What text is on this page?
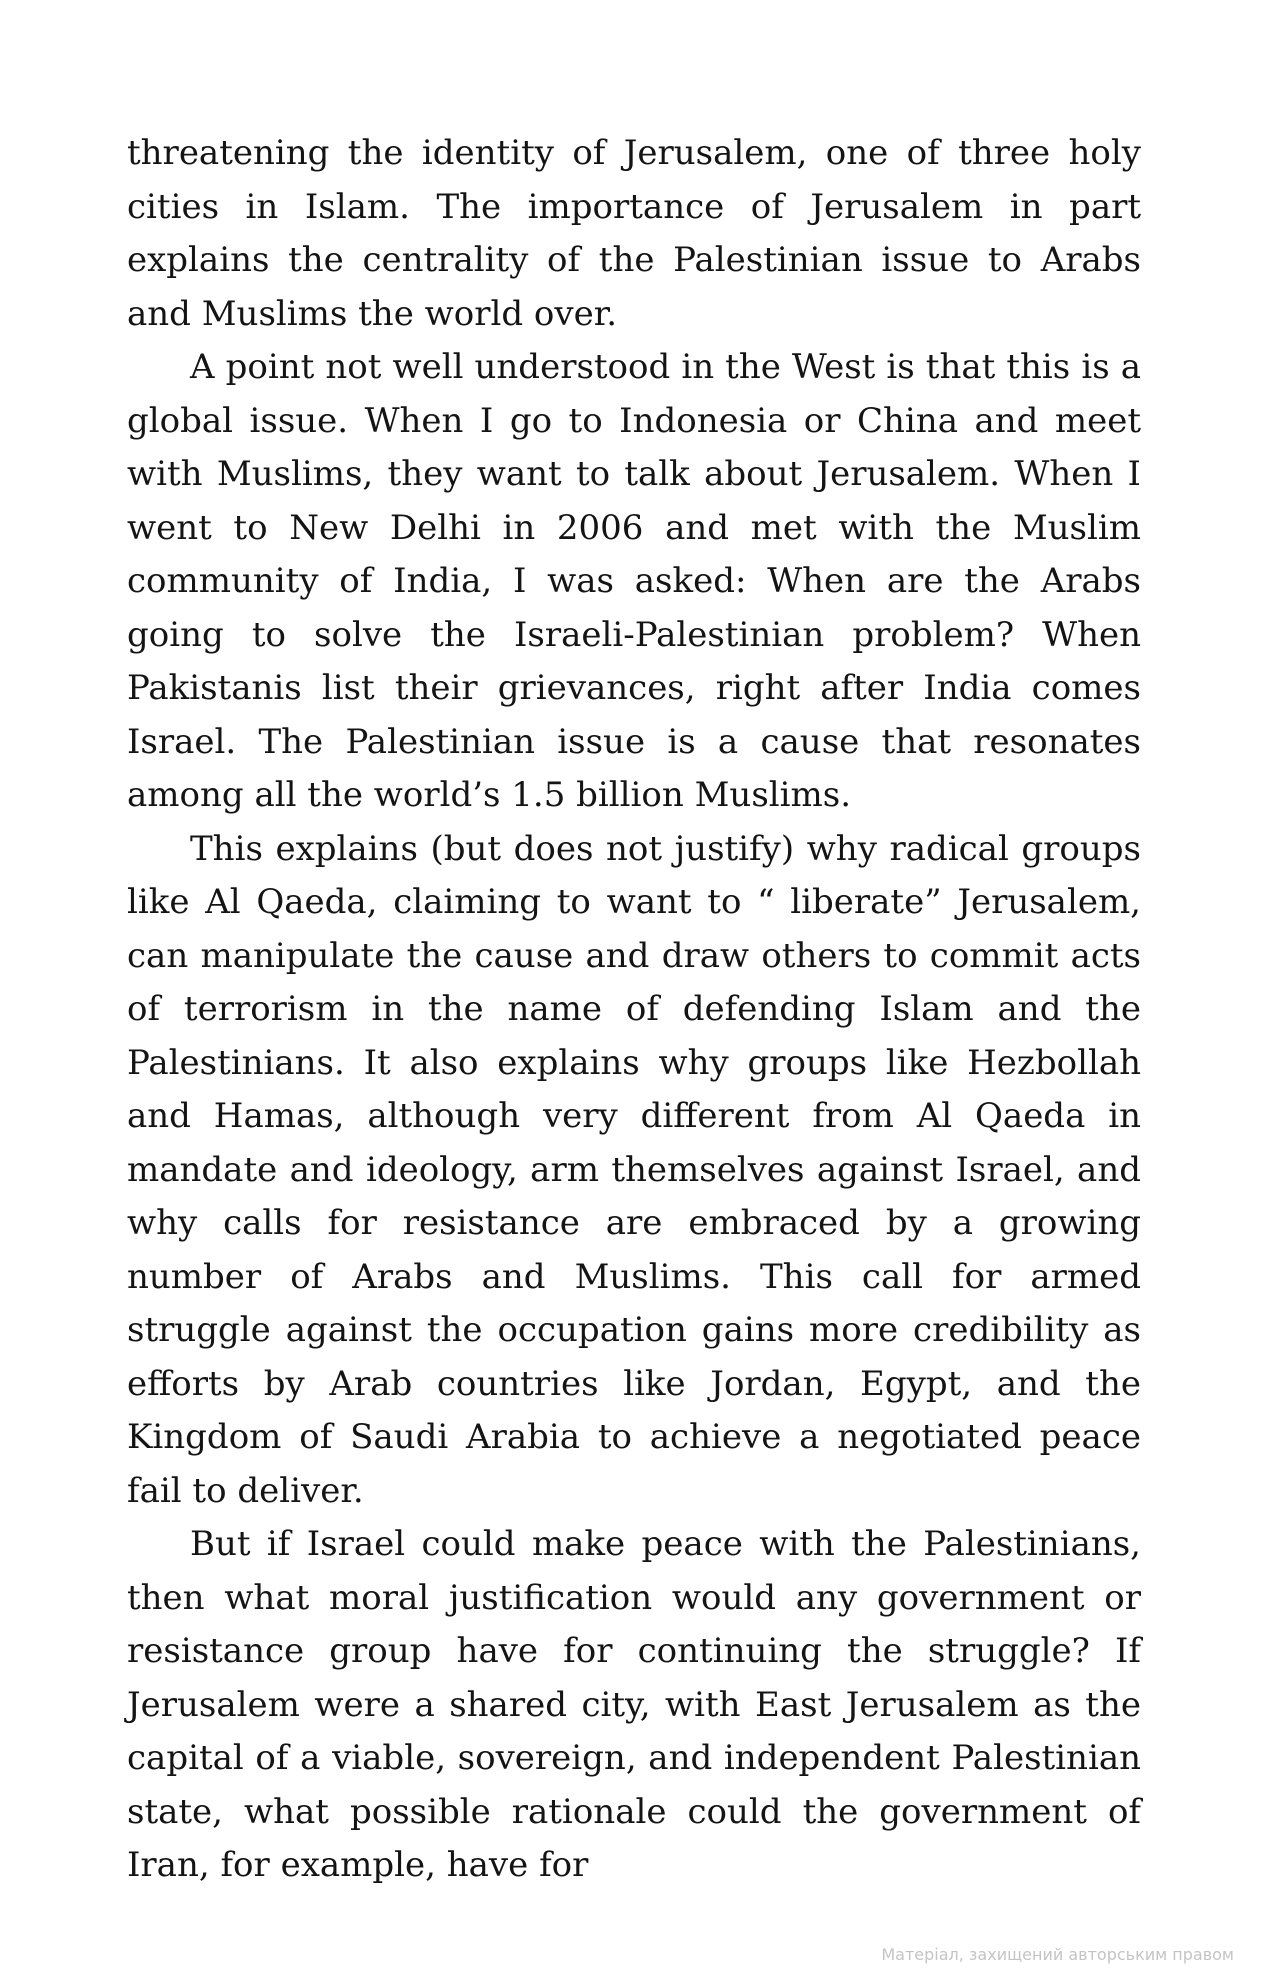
threatening the identity of Jerusalem, one of three holy cities in Islam. The importance of Jerusalem in part explains the centrality of the Palestinian issue to Arabs and Muslims the world over.

A point not well understood in the West is that this is a global issue. When I go to Indonesia or China and meet with Muslims, they want to talk about Jerusalem. When I went to New Delhi in 2006 and met with the Muslim community of India, I was asked: When are the Arabs going to solve the Israeli-Palestinian problem? When Pakistanis list their grievances, right after India comes Israel. The Palestinian issue is a cause that resonates among all the world’s 1.5 billion Muslims.

This explains (but does not justify) why radical groups like Al Qaeda, claiming to want to “ liberate” Jerusalem, can manipulate the cause and draw others to commit acts of terrorism in the name of defending Islam and the Palestinians. It also explains why groups like Hezbollah and Hamas, although very different from Al Qaeda in mandate and ideology, arm themselves against Israel, and why calls for resistance are embraced by a growing number of Arabs and Muslims. This call for armed struggle against the occupation gains more credibility as efforts by Arab countries like Jordan, Egypt, and the Kingdom of Saudi Arabia to achieve a negotiated peace fail to deliver.

But if Israel could make peace with the Palestinians, then what moral justification would any government or resistance group have for continuing the struggle? If Jerusalem were a shared city, with East Jerusalem as the capital of a viable, sovereign, and independent Palestinian state, what possible rationale could the government of Iran, for example, have for

Матеріал, захищений авторським правом
